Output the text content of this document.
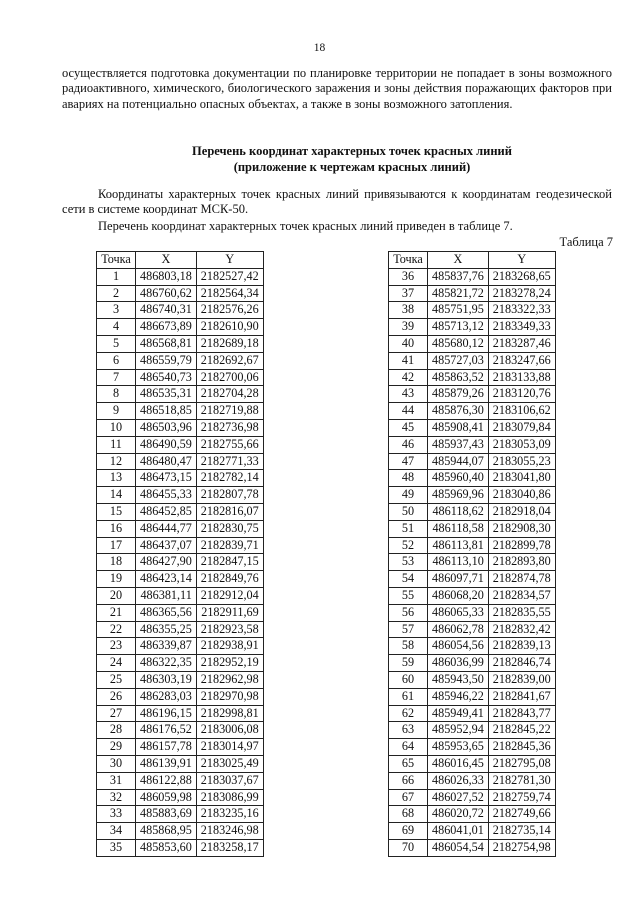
18
осуществляется подготовка документации по планировке территории не попадает в зоны возможного радиоактивного, химического, биологического заражения и зоны действия поражающих факторов при авариях на потенциально опасных объектах, а также в зоны возможного затопления.
Перечень координат характерных точек красных линий
(приложение к чертежам красных линий)
Координаты характерных точек красных линий привязываются к координатам геодезической сети в системе координат МСК-50.
Перечень координат характерных точек красных линий приведен в таблице 7.
Таблица 7
Точка	X	Y
1	486803,18	2182527,42
2	486760,62	2182564,34
3	486740,31	2182576,26
4	486673,89	2182610,90
5	486568,81	2182689,18
6	486559,79	2182692,67
7	486540,73	2182700,06
8	486535,31	2182704,28
9	486518,85	2182719,88
10	486503,96	2182736,98
11	486490,59	2182755,66
12	486480,47	2182771,33
13	486473,15	2182782,14
14	486455,33	2182807,78
15	486452,85	2182816,07
16	486444,77	2182830,75
17	486437,07	2182839,71
18	486427,90	2182847,15
19	486423,14	2182849,76
20	486381,11	2182912,04
21	486365,56	2182911,69
22	486355,25	2182923,58
23	486339,87	2182938,91
24	486322,35	2182952,19
25	486303,19	2182962,98
26	486283,03	2182970,98
27	486196,15	2182998,81
28	486176,52	2183006,08
29	486157,78	2183014,97
30	486139,91	2183025,49
31	486122,88	2183037,67
32	486059,98	2183086,99
33	485883,69	2183235,16
34	485868,95	2183246,98
35	485853,60	2183258,17
Точка	X	Y
36	485837,76	2183268,65
37	485821,72	2183278,24
38	485751,95	2183322,33
39	485713,12	2183349,33
40	485680,12	2183287,46
41	485727,03	2183247,66
42	485863,52	2183133,88
43	485879,26	2183120,76
44	485876,30	2183106,62
45	485908,41	2183079,84
46	485937,43	2183053,09
47	485944,07	2183055,23
48	485960,40	2183041,80
49	485969,96	2183040,86
50	486118,62	2182918,04
51	486118,58	2182908,30
52	486113,81	2182899,78
53	486113,10	2182893,80
54	486097,71	2182874,78
55	486068,20	2182834,57
56	486065,33	2182835,55
57	486062,78	2182832,42
58	486054,56	2182839,13
59	486036,99	2182846,74
60	485943,50	2182839,00
61	485946,22	2182841,67
62	485949,41	2182843,77
63	485952,94	2182845,22
64	485953,65	2182845,36
65	486016,45	2182795,08
66	486026,33	2182781,30
67	486027,52	2182759,74
68	486020,72	2182749,66
69	486041,01	2182735,14
70	486054,54	2182754,98
